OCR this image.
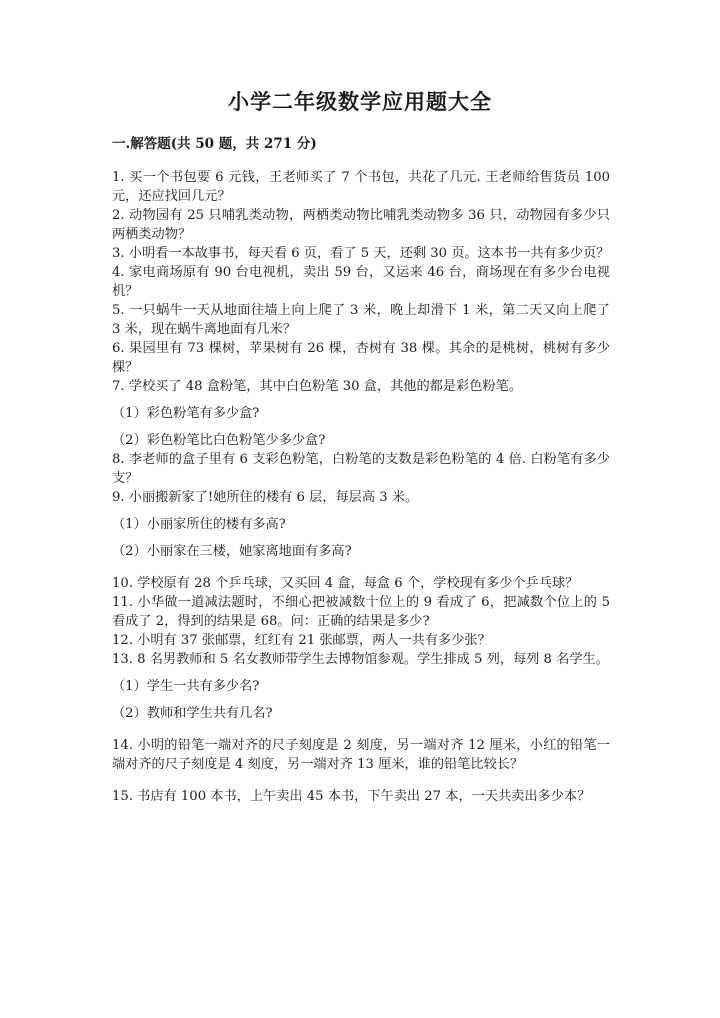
小学二年级数学应用题大全
一.解答题(共 50 题，共 271 分)

1. 买一个书包要 6 元钱，王老师买了 7 个书包，共花了几元. 王老师给售货员 100 元，还应找回几元？

2. 动物园有 25 只哺乳类动物，两栖类动物比哺乳类动物多 36 只，动物园有多少只两栖类动物？

3. 小明看一本故事书，每天看 6 页，看了 5 天，还剩 30 页。这本书一共有多少页？

4. 家电商场原有 90 台电视机，卖出 59 台，又运来 46 台，商场现在有多少台电视机？

5. 一只蜗牛一天从地面往墙上向上爬了 3 米，晚上却滑下 1 米，第二天又向上爬了 3 米，现在蜗牛离地面有几米？

6. 果园里有 73 棵树，苹果树有 26 棵，杏树有 38 棵。其余的是桃树，桃树有多少棵？

7. 学校买了 48 盒粉笔，其中白色粉笔 30 盒，其他的都是彩色粉笔。

（1）彩色粉笔有多少盒?

（2）彩色粉笔比白色粉笔少多少盒?

8. 李老师的盒子里有 6 支彩色粉笔，白粉笔的支数是彩色粉笔的 4 倍. 白粉笔有多少支？

9. 小丽搬新家了!她所住的楼有 6 层，每层高 3 米。

（1）小丽家所住的楼有多高?

（2）小丽家在三楼，她家离地面有多高?

10. 学校原有 28 个乒乓球，又买回 4 盒，每盒 6 个，学校现有多少个乒乓球？

11. 小华做一道减法题时，不细心把被减数十位上的 9 看成了 6，把减数个位上的 5 看成了 2，得到的结果是 68。问：正确的结果是多少?

12. 小明有 37 张邮票，红红有 21 张邮票，两人一共有多少张？

13. 8 名男教师和 5 名女教师带学生去博物馆参观。学生排成 5 列，每列 8 名学生。

（1）学生一共有多少名?

（2）教师和学生共有几名?

14. 小明的铅笔一端对齐的尺子刻度是 2 刻度，另一端对齐 12 厘米，小红的铅笔一端对齐的尺子刻度是 4 刻度，另一端对齐 13 厘米，谁的铅笔比较长？

15. 书店有 100 本书，上午卖出 45 本书，下午卖出 27 本，一天共卖出多少本？
